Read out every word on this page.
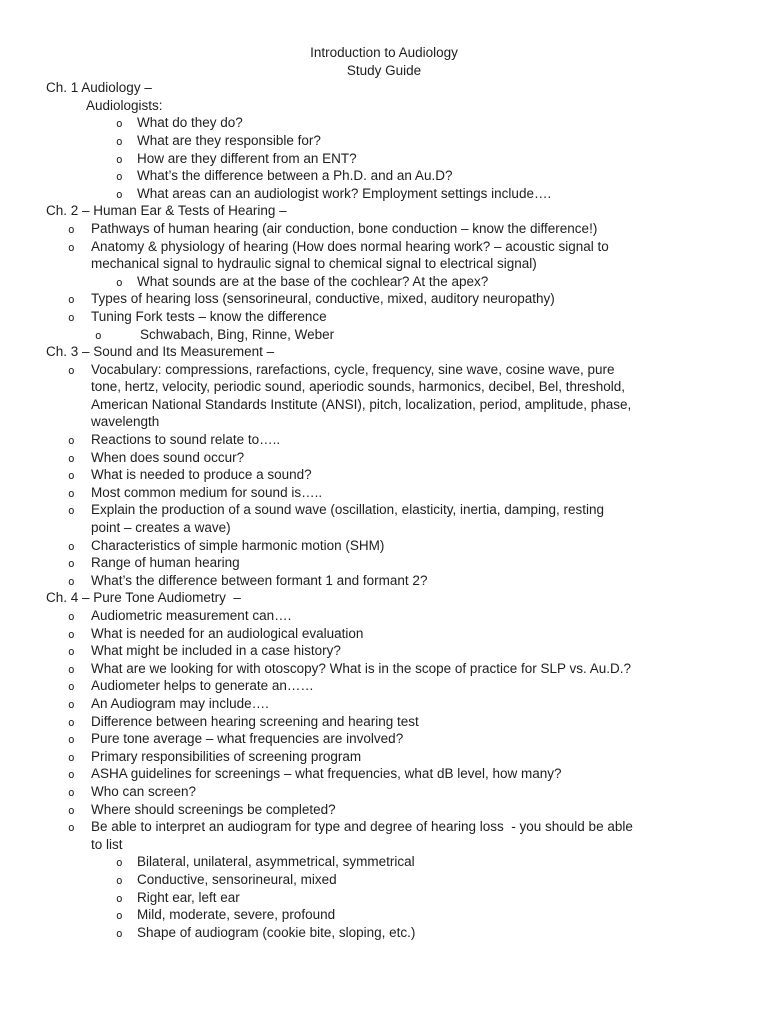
Introduction to Audiology
Study Guide
Ch. 1 Audiology –
Audiologists:
o What do they do?
o What are they responsible for?
o How are they different from an ENT?
o What’s the difference between a Ph.D. and an Au.D?
o What areas can an audiologist work? Employment settings include….
Ch. 2 – Human Ear & Tests of Hearing –
o Pathways of human hearing (air conduction, bone conduction – know the difference!)
o Anatomy & physiology of hearing (How does normal hearing work? – acoustic signal to
mechanical signal to hydraulic signal to chemical signal to electrical signal)
o What sounds are at the base of the cochlear? At the apex?
o Types of hearing loss (sensorineural, conductive, mixed, auditory neuropathy)
o Tuning Fork tests – know the difference
o	Schwabach, Bing, Rinne, Weber
Ch. 3 – Sound and Its Measurement –
o Vocabulary: compressions, rarefactions, cycle, frequency, sine wave, cosine wave, pure
tone, hertz, velocity, periodic sound, aperiodic sounds, harmonics, decibel, Bel, threshold,
American National Standards Institute (ANSI), pitch, localization, period, amplitude, phase,
wavelength
o Reactions to sound relate to…..
o When does sound occur?
o What is needed to produce a sound?
o Most common medium for sound is…..
o Explain the production of a sound wave (oscillation, elasticity, inertia, damping, resting
point – creates a wave)
o Characteristics of simple harmonic motion (SHM)
o Range of human hearing
o What’s the difference between formant 1 and formant 2?
Ch. 4 – Pure Tone Audiometry  –
o Audiometric measurement can….
o What is needed for an audiological evaluation
o What might be included in a case history?
o What are we looking for with otoscopy? What is in the scope of practice for SLP vs. Au.D.?
o Audiometer helps to generate an……
o An Audiogram may include….
o Difference between hearing screening and hearing test
o Pure tone average – what frequencies are involved?
o Primary responsibilities of screening program
o ASHA guidelines for screenings – what frequencies, what dB level, how many?
o Who can screen?
o Where should screenings be completed?
o Be able to interpret an audiogram for type and degree of hearing loss  - you should be able
to list
o Bilateral, unilateral, asymmetrical, symmetrical
o Conductive, sensorineural, mixed
o Right ear, left ear
o Mild, moderate, severe, profound
o Shape of audiogram (cookie bite, sloping, etc.)
